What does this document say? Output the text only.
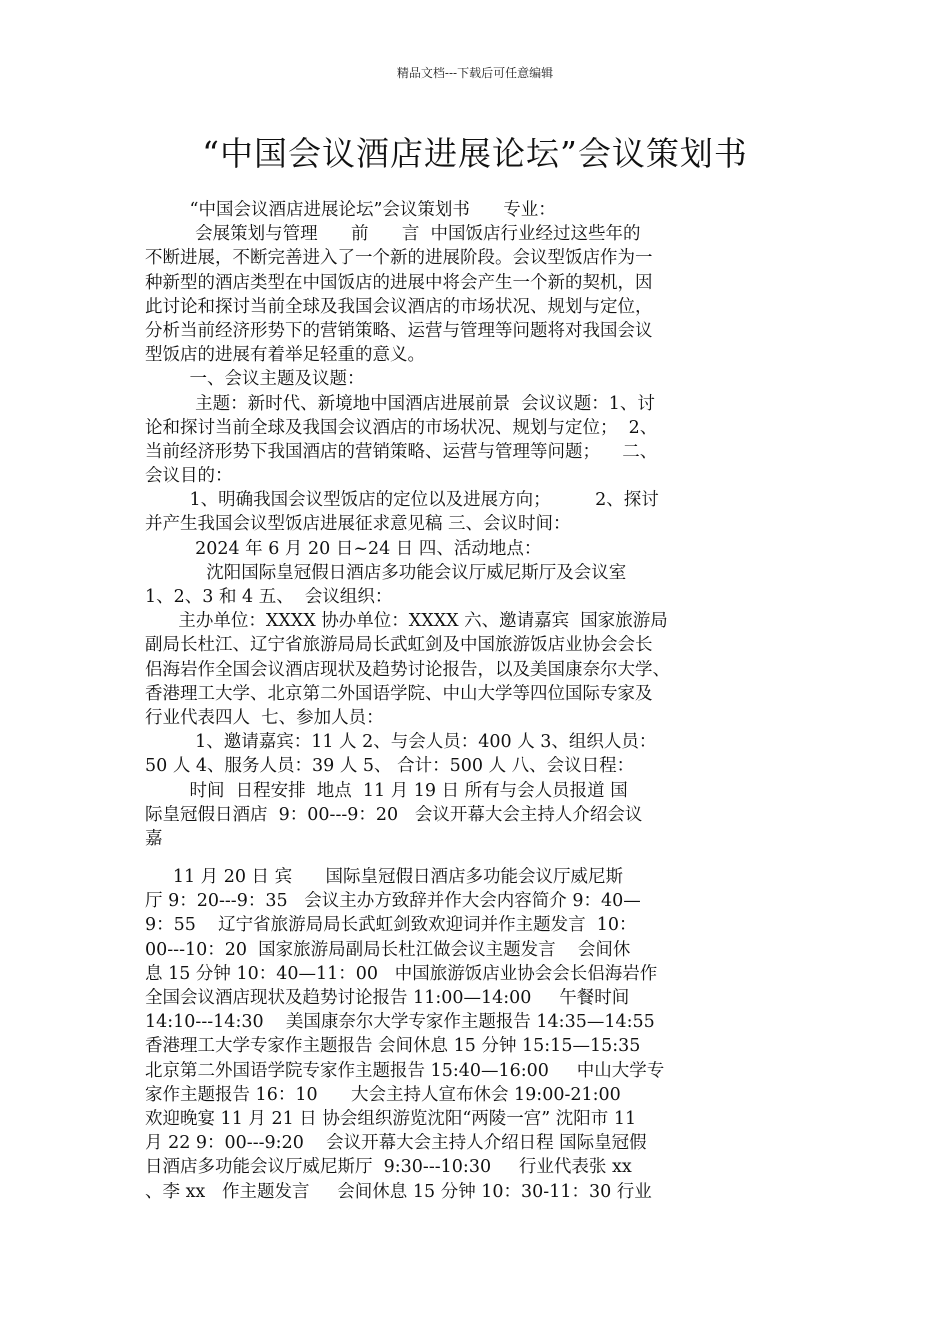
精品文档---下载后可任意编辑
“中国会议酒店进展论坛”会议策划书
“中国会议酒店进展论坛”会议策划书      专业：
会展策划与管理      前      言  中国饭店行业经过这些年的
不断进展，不断完善进入了一个新的进展阶段。会议型饭店作为一
种新型的酒店类型在中国饭店的进展中将会产生一个新的契机，因
此讨论和探讨当前全球及我国会议酒店的市场状况、规划与定位，
分析当前经济形势下的营销策略、运营与管理等问题将对我国会议
型饭店的进展有着举足轻重的意义。
一、会议主题及议题：
主题：新时代、新境地中国酒店进展前景  会议议题：1、讨
论和探讨当前全球及我国会议酒店的市场状况、规划与定位；  2、
当前经济形势下我国酒店的营销策略、运营与管理等问题；    二、
会议目的：
1、明确我国会议型饭店的定位以及进展方向；        2、探讨
并产生我国会议型饭店进展征求意见稿 三、会议时间：
2024 年 6 月 20 日~24 日 四、活动地点：
沈阳国际皇冠假日酒店多功能会议厅威尼斯厅及会议室
1、2、3 和 4 五、  会议组织：
主办单位：XXXX 协办单位：XXXX 六、邀请嘉宾  国家旅游局
副局长杜江、辽宁省旅游局局长武虹剑及中国旅游饭店业协会会长
侣海岩作全国会议酒店现状及趋势讨论报告，以及美国康奈尔大学、
香港理工大学、北京第二外国语学院、中山大学等四位国际专家及
行业代表四人  七、参加人员：
1、邀请嘉宾：11 人 2、与会人员：400 人 3、组织人员：
50 人 4、服务人员：39 人 5、 合计：500 人 八、会议日程：
时间  日程安排  地点  11 月 19 日 所有与会人员报道 国
际皇冠假日酒店  9：00---9：20   会议开幕大会主持人介绍会议
嘉
11 月 20 日 宾      国际皇冠假日酒店多功能会议厅威尼斯
厅 9：20---9：35   会议主办方致辞并作大会内容简介 9：40—
9：55    辽宁省旅游局局长武虹剑致欢迎词并作主题发言  10：
00---10：20  国家旅游局副局长杜江做会议主题发言    会间休
息 15 分钟 10：40—11：00   中国旅游饭店业协会会长侣海岩作
全国会议酒店现状及趋势讨论报告 11:00—14:00     午餐时间
14:10---14:30    美国康奈尔大学专家作主题报告 14:35—14:55
香港理工大学专家作主题报告 会间休息 15 分钟 15:15—15:35
北京第二外国语学院专家作主题报告 15:40—16:00     中山大学专
家作主题报告 16：10      大会主持人宣布休会 19:00-21:00
欢迎晚宴 11 月 21 日 协会组织游览沈阳“两陵一宫” 沈阳市 11
月 22 9：00---9:20    会议开幕大会主持人介绍日程 国际皇冠假
日酒店多功能会议厅威尼斯厅  9:30---10:30     行业代表张 xx
、李 xx   作主题发言     会间休息 15 分钟 10：30-11：30 行业
